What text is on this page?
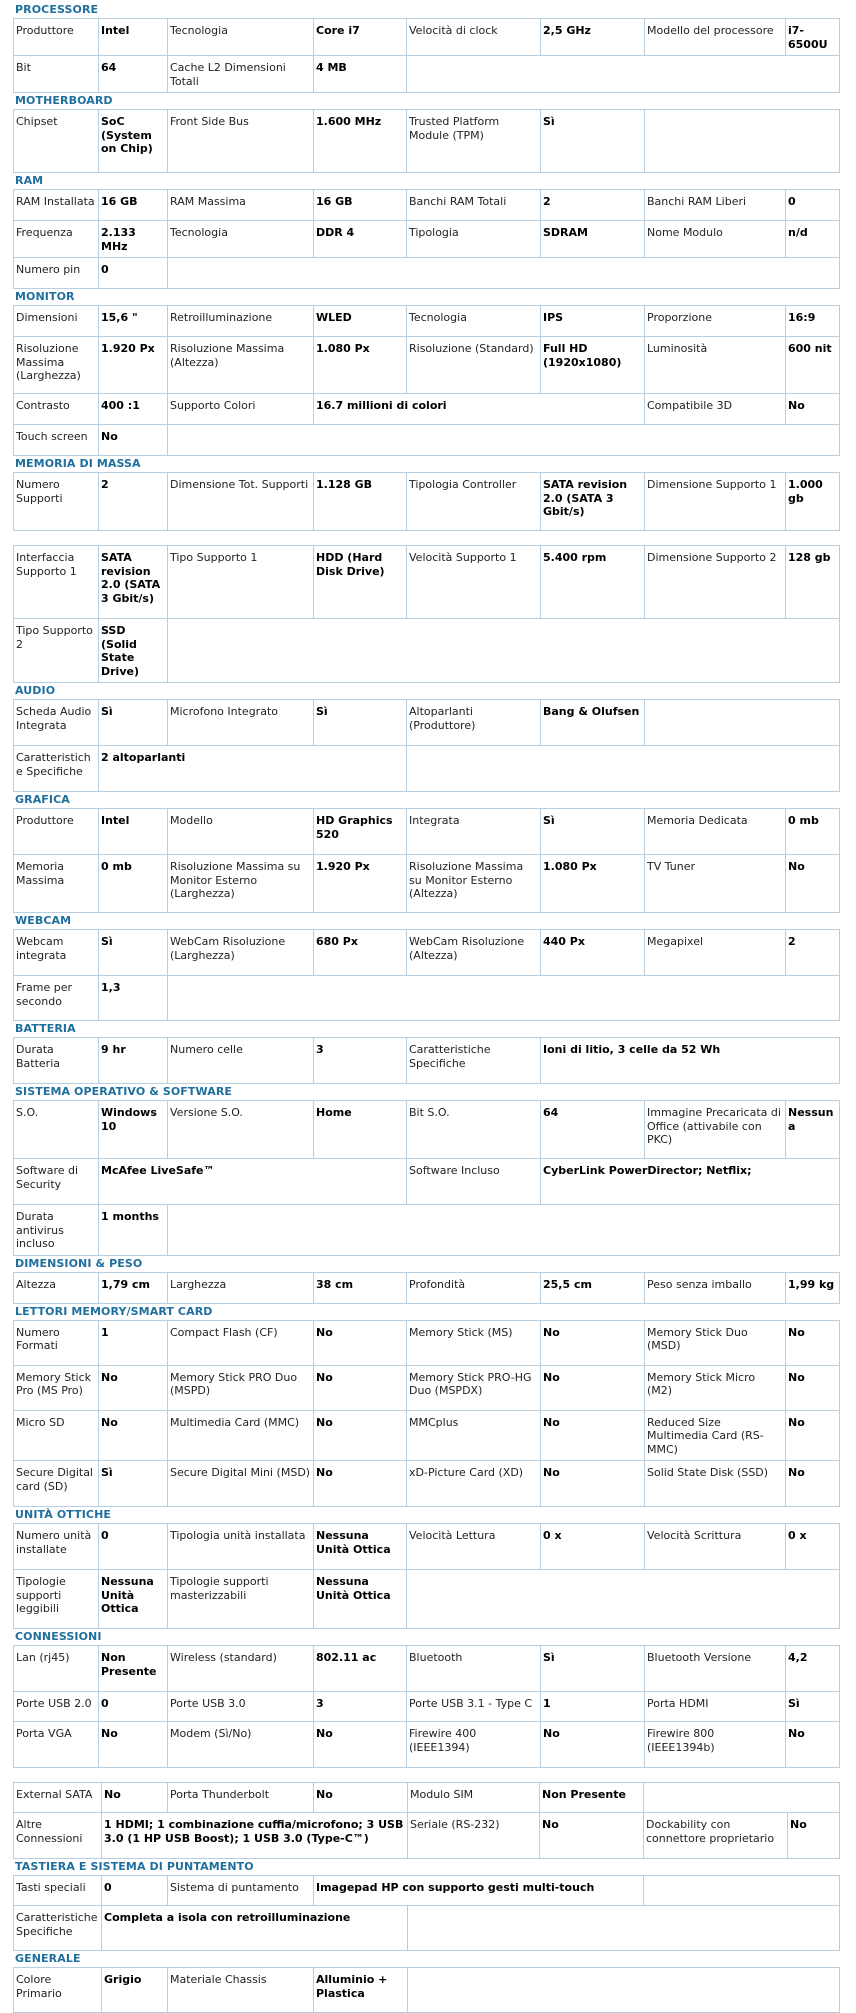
PROCESSORE
Produttore	Intel	Tecnologia	Core i7	Velocità di clock	2,5 GHz	Modello del processore	i7-6500U
Bit	64	Cache L2 Dimensioni Totali	4 MB				
MOTHERBOARD
Chipset	SoC (System on Chip)	Front Side Bus	1.600 MHz	Trusted Platform Module (TPM)	Sì	
RAM
RAM Installata	16 GB	RAM Massima	16 GB	Banchi RAM Totali	2	Banchi RAM Liberi	0
Frequenza	2.133 MHz	Tecnologia	DDR 4	Tipologia	SDRAM	Nome Modulo	n/d
Numero pin	0						
MONITOR
Dimensioni	15,6 "	Retroilluminazione	WLED	Tecnologia	IPS	Proporzione	16:9
Risoluzione Massima (Larghezza)	1.920 Px	Risoluzione Massima (Altezza)	1.080 Px	Risoluzione (Standard)	Full HD (1920x1080)	Luminosità	600 nit
Contrasto	400 :1	Supporto Colori	16.7 millioni di colori			Compatibile 3D	No
Touch screen	No						
MEMORIA DI MASSA
Numero Supporti	2	Dimensione Tot. Supporti	1.128 GB	Tipologia Controller	SATA revision 2.0 (SATA 3 Gbit/s)	Dimensione Supporto 1	1.000 gb
Interfaccia Supporto 1	SATA revision 2.0 (SATA 3 Gbit/s)	Tipo Supporto 1	HDD (Hard Disk Drive)	Velocità Supporto 1	5.400 rpm	Dimensione Supporto 2	128 gb
Tipo Supporto 2	SSD (Solid State Drive)						
AUDIO
Scheda Audio Integrata	Sì	Microfono Integrato	Sì	Altoparlanti (Produttore)	Bang & Olufsen	
Caratteristiche Specifiche	2 altoparlanti					
GRAFICA
Produttore	Intel	Modello	HD Graphics 520	Integrata	Sì	Memoria Dedicata	0 mb
Memoria Massima	0 mb	Risoluzione Massima su Monitor Esterno (Larghezza)	1.920 Px	Risoluzione Massima su Monitor Esterno (Altezza)	1.080 Px	TV Tuner	No
WEBCAM
Webcam integrata	Sì	WebCam Risoluzione (Larghezza)	680 Px	WebCam Risoluzione (Altezza)	440 Px	Megapixel	2
Frame per secondo	1,3						
BATTERIA
Durata Batteria	9 hr	Numero celle	3	Caratteristiche Specifiche	Ioni di litio, 3 celle da 52 Wh
SISTEMA OPERATIVO & SOFTWARE
S.O.	Windows 10	Versione S.O.	Home	Bit S.O.	64	Immagine Precaricata di Office (attivabile con PKC)	Nessuna
Software di Security	McAfee LiveSafe™			Software Incluso	CyberLink PowerDirector; Netflix;		
Durata antivirus incluso	1 months						
DIMENSIONI & PESO
Altezza	1,79 cm	Larghezza	38 cm	Profondità	25,5 cm	Peso senza imballo	1,99 kg
LETTORI MEMORY/SMART CARD
Numero Formati	1	Compact Flash (CF)	No	Memory Stick (MS)	No	Memory Stick Duo (MSD)	No
Memory Stick Pro (MS Pro)	No	Memory Stick PRO Duo (MSPD)	No	Memory Stick PRO-HG Duo (MSPDX)	No	Memory Stick Micro (M2)	No
Micro SD	No	Multimedia Card (MMC)	No	MMCplus	No	Reduced Size Multimedia Card (RS-MMC)	No
Secure Digital card (SD)	Sì	Secure Digital Mini (MSD)	No	xD-Picture Card (XD)	No	Solid State Disk (SSD)	No
UNITÀ OTTICHE
Numero unità installate	0	Tipologia unità installata	Nessuna Unità Ottica	Velocità Lettura	0 x	Velocità Scrittura	0 x
Tipologie supporti leggibili	Nessuna Unità Ottica	Tipologie supporti masterizzabili	Nessuna Unità Ottica				
CONNESSIONI
Lan (rj45)	Non Presente	Wireless (standard)	802.11 ac	Bluetooth	Sì	Bluetooth Versione	4,2
Porte USB 2.0	0	Porte USB 3.0	3	Porte USB 3.1 - Type C	1	Porta HDMI	Sì
Porta VGA	No	Modem (Sì/No)	No	Firewire 400 (IEEE1394)	No	Firewire 800 (IEEE1394b)	No
External SATA	No	Porta Thunderbolt	No	Modulo SIM	Non Presente		
Altre Connessioni	1 HDMI; 1 combinazione cuffia/microfono; 3 USB 3.0 (1 HP USB Boost); 1 USB 3.0 (Type-C™)			Seriale (RS-232)	No	Dockability con connettore proprietario	No
TASTIERA E SISTEMA DI PUNTAMENTO
Tasti speciali	0	Sistema di puntamento	Imagepad HP con supporto gesti multi-touch		
Caratteristiche Specifiche	Completa a isola con retroilluminazione				
GENERALE
Colore Primario	Grigio	Materiale Chassis	Alluminio + Plastica	
